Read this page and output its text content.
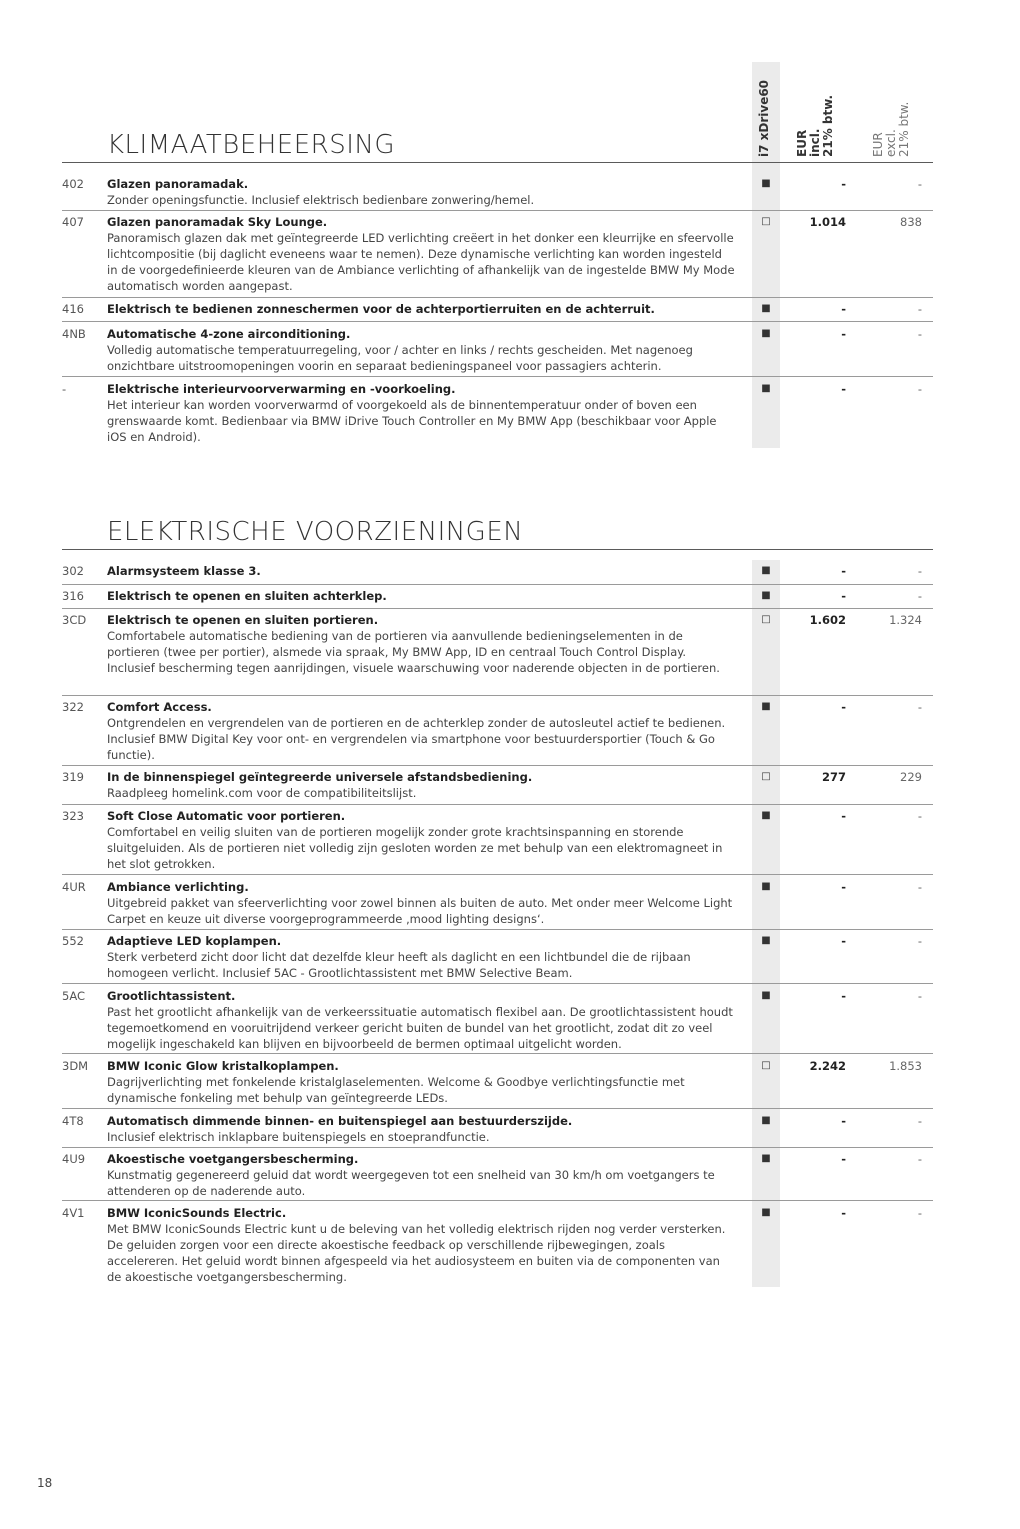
i7 xDrive60 EUR
incl.
21% btw.	EUR
excl.
21% btw.
KLIMAATBEHEERSING
402 Glazen panoramadak.
Zonder openingsfunctie. Inclusief elektrisch bedienbare zonwering/hemel.
■	-	-
407 Glazen panoramadak Sky Lounge.
Panoramisch glazen dak met geïntegreerde LED verlichting creëert in het donker een kleurrijke en sfeervolle lichtcompositie (bij daglicht eveneens waar te nemen). Deze dynamische verlichting kan worden ingesteld in de voorgedefinieerde kleuren van de Ambiance verlichting of afhankelijk van de ingestelde BMW My Mode automatisch worden aangepast.
□	1.014	838
416 Elektrisch te bedienen zonneschermen voor de achterportierruiten en de achterruit.	■	-	-
4NB Automatische 4-zone airconditioning.
Volledig automatische temperatuurregeling, voor / achter en links / rechts gescheiden. Met nagenoeg onzichtbare uitstroomopeningen voorin en separaat bedieningspaneel voor passagiers achterin.
■	-	-
-	Elektrische interieurvoorverwarming en -voorkoeling.
Het interieur kan worden voorverwarmd of voorgekoeld als de binnentemperatuur onder of boven een grenswaarde komt. Bedienbaar via BMW iDrive Touch Controller en My BMW App (beschikbaar voor Apple iOS en Android).
■	-	-
ELEKTRISCHE VOORZIENINGEN
302 Alarmsysteem klasse 3.	■	-	-
316 Elektrisch te openen en sluiten achterklep.	■	-	-
3CD Elektrisch te openen en sluiten portieren.
Comfortabele automatische bediening van de portieren via aanvullende bedieningselementen in de portieren (twee per portier), alsmede via spraak, My BMW App, ID en centraal Touch Control Display. Inclusief bescherming tegen aanrijdingen, visuele waarschuwing voor naderende objecten in de portieren.
□	1.602	1.324
322 Comfort Access.
Ontgrendelen en vergrendelen van de portieren en de achterklep zonder de autosleutel actief te bedienen. Inclusief BMW Digital Key voor ont- en vergrendelen via smartphone voor bestuurdersportier (Touch & Go functie).
■	-	-
319 In de binnenspiegel geïntegreerde universele afstandsbediening.
Raadpleeg homelink.com voor de compatibiliteitslijst.
□	277	229
323 Soft Close Automatic voor portieren.
Comfortabel en veilig sluiten van de portieren mogelijk zonder grote krachtsinspanning en storende sluitgeluiden. Als de portieren niet volledig zijn gesloten worden ze met behulp van een elektromagneet in het slot getrokken.
■	-	-
4UR Ambiance verlichting.
Uitgebreid pakket van sfeerverlichting voor zowel binnen als buiten de auto. Met onder meer Welcome Light Carpet en keuze uit diverse voorgeprogrammeerde ‚mood lighting designs‘.
■	-	-
552 Adaptieve LED koplampen.
Sterk verbeterd zicht door licht dat dezelfde kleur heeft als daglicht en een lichtbundel die de rijbaan homogeen verlicht. Inclusief 5AC - Grootlichtassistent met BMW Selective Beam.
■	-	-
5AC Grootlichtassistent.
Past het grootlicht afhankelijk van de verkeerssituatie automatisch flexibel aan. De grootlichtassistent houdt tegemoetkomend en vooruitrijdend verkeer gericht buiten de bundel van het grootlicht, zodat dit zo veel mogelijk ingeschakeld kan blijven en bijvoorbeeld de bermen optimaal uitgelicht worden.
■	-	-
3DM BMW Iconic Glow kristalkoplampen.
Dagrijverlichting met fonkelende kristalglaselementen. Welcome & Goodbye verlichtingsfunctie met dynamische fonkeling met behulp van geïntegreerde LEDs.
□	2.242	1.853
4T8 Automatisch dimmende binnen- en buitenspiegel aan bestuurderszijde.
Inclusief elektrisch inklapbare buitenspiegels en stoeprandfunctie.
■	-	-
4U9 Akoestische voetgangersbescherming.
Kunstmatig gegenereerd geluid dat wordt weergegeven tot een snelheid van 30 km/h om voetgangers te attenderen op de naderende auto.
■	-	-
4V1 BMW IconicSounds Electric.
Met BMW IconicSounds Electric kunt u de beleving van het volledig elektrisch rijden nog verder versterken. De geluiden zorgen voor een directe akoestische feedback op verschillende rijbewegingen, zoals accelereren. Het geluid wordt binnen afgespeeld via het audiosysteem en buiten via de componenten van de akoestische voetgangersbescherming.
■	-	-
18
